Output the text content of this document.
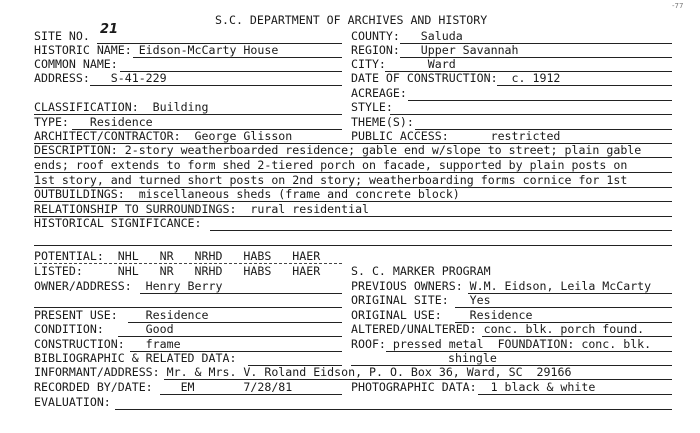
-77
S.C. DEPARTMENT OF ARCHIVES AND HISTORY
SITE NO. 21	COUNTY:   Saluda
HISTORIC NAME: Eidson-McCarty House	REGION:   Upper Savannah
COMMON NAME:	CITY:      Ward
ADDRESS:   S-41-229	DATE OF CONSTRUCTION:  c. 1912
ACREAGE:
CLASSIFICATION:  Building	STYLE:
TYPE:   Residence	THEME(S):
ARCHITECT/CONTRACTOR:  George Glisson	PUBLIC ACCESS:      restricted
DESCRIPTION: 2-story weatherboarded residence; gable end w/slope to street; plain gable
ends; roof extends to form shed 2-tiered porch on facade, supported by plain posts on
1st story, and turned short posts on 2nd story; weatherboarding forms cornice for 1st
OUTBUILDINGS:  miscellaneous sheds (frame and concrete block)
RELATIONSHIP TO SURROUNDINGS:  rural residential
HISTORICAL SIGNIFICANCE:
POTENTIAL:  NHL   NR   NRHD   HABS   HAER
LISTED:     NHL   NR   NRHD   HABS   HAER	S. C. MARKER PROGRAM
OWNER/ADDRESS:  Henry Berry	PREVIOUS OWNERS: W.M. Eidson, Leila McCarty
ORIGINAL SITE:   Yes
PRESENT USE:    Residence	ORIGINAL USE:    Residence
CONDITION:      Good	ALTERED/UNALTERED: conc. blk. porch found.
CONSTRUCTION:   frame	ROOF: pressed metal  FOUNDATION: conc. blk.
BIBLIOGRAPHIC & RELATED DATA:	shingle
INFORMANT/ADDRESS: Mr. & Mrs. V. Roland Eidson, P. O. Box 36, Ward, SC  29166
RECORDED BY/DATE:    EM       7/28/81	PHOTOGRAPHIC DATA:  1 black & white
EVALUATION:
